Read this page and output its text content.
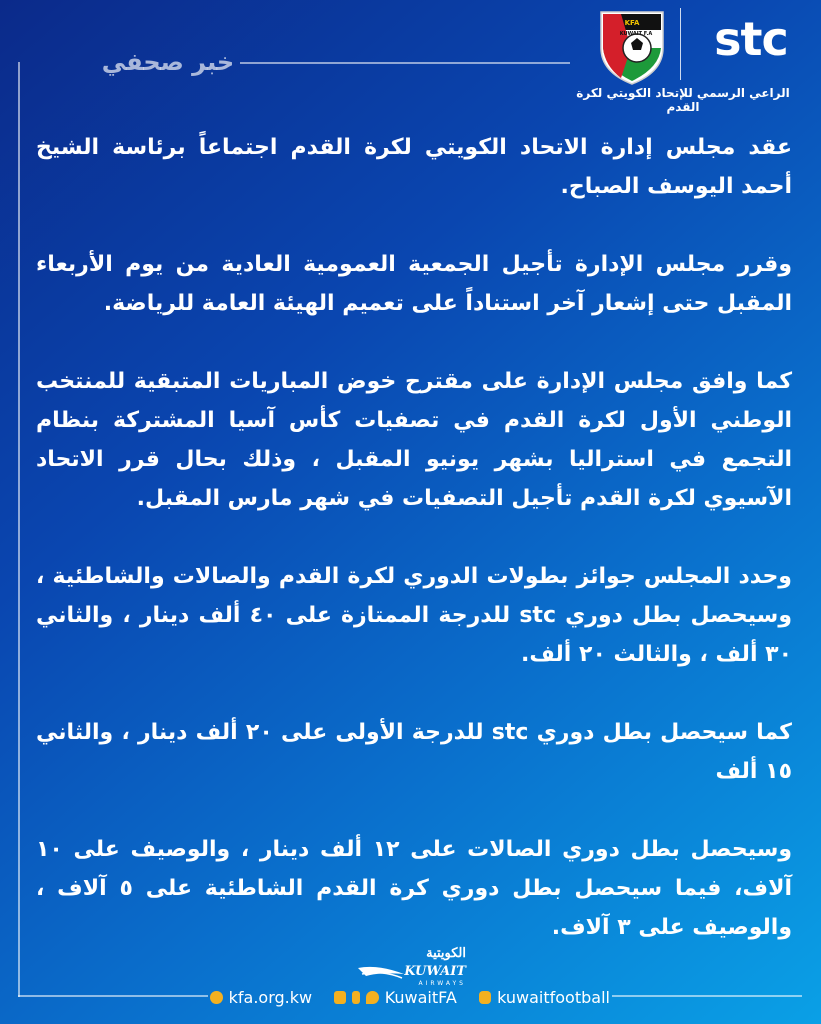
خبر صحفي	stc
KFA
KUWAIT F.A
الراعي الرسمي للإتحاد الكويتي لكرة القدم

عقد مجلس إدارة الاتحاد الكويتي لكرة القدم اجتماعاً برئاسة الشيخ أحمد اليوسف الصباح.

وقرر مجلس الإدارة تأجيل الجمعية العمومية العادية من يوم الأربعاء المقبل حتى إشعار آخر استناداً على تعميم الهيئة العامة للرياضة.

كما وافق مجلس الإدارة على مقترح خوض المباريات المتبقية للمنتخب الوطني الأول لكرة القدم في تصفيات كأس آسيا المشتركة بنظام التجمع في استراليا بشهر يونيو المقبل ، وذلك بحال قرر الاتحاد الآسيوي لكرة القدم تأجيل التصفيات في شهر مارس المقبل.

وحدد المجلس جوائز بطولات الدوري لكرة القدم والصالات والشاطئية ، وسيحصل بطل دوري stc للدرجة الممتازة على ٤٠ ألف دينار ، والثاني ٣٠ ألف ، والثالث ٢٠ ألف.

كما سيحصل بطل دوري stc للدرجة الأولى على ٢٠ ألف دينار ، والثاني ١٥ ألف

وسيحصل بطل دوري الصالات على ١٢ ألف دينار ، والوصيف على ١٠ آلاف، فيما سيحصل بطل دوري كرة القدم الشاطئية على ٥ آلاف ، والوصيف على ٣ آلاف.

الكويتية
KUWAIT
AIRWAYS
kfa.org.kw	KuwaitFA	kuwaitfootball
